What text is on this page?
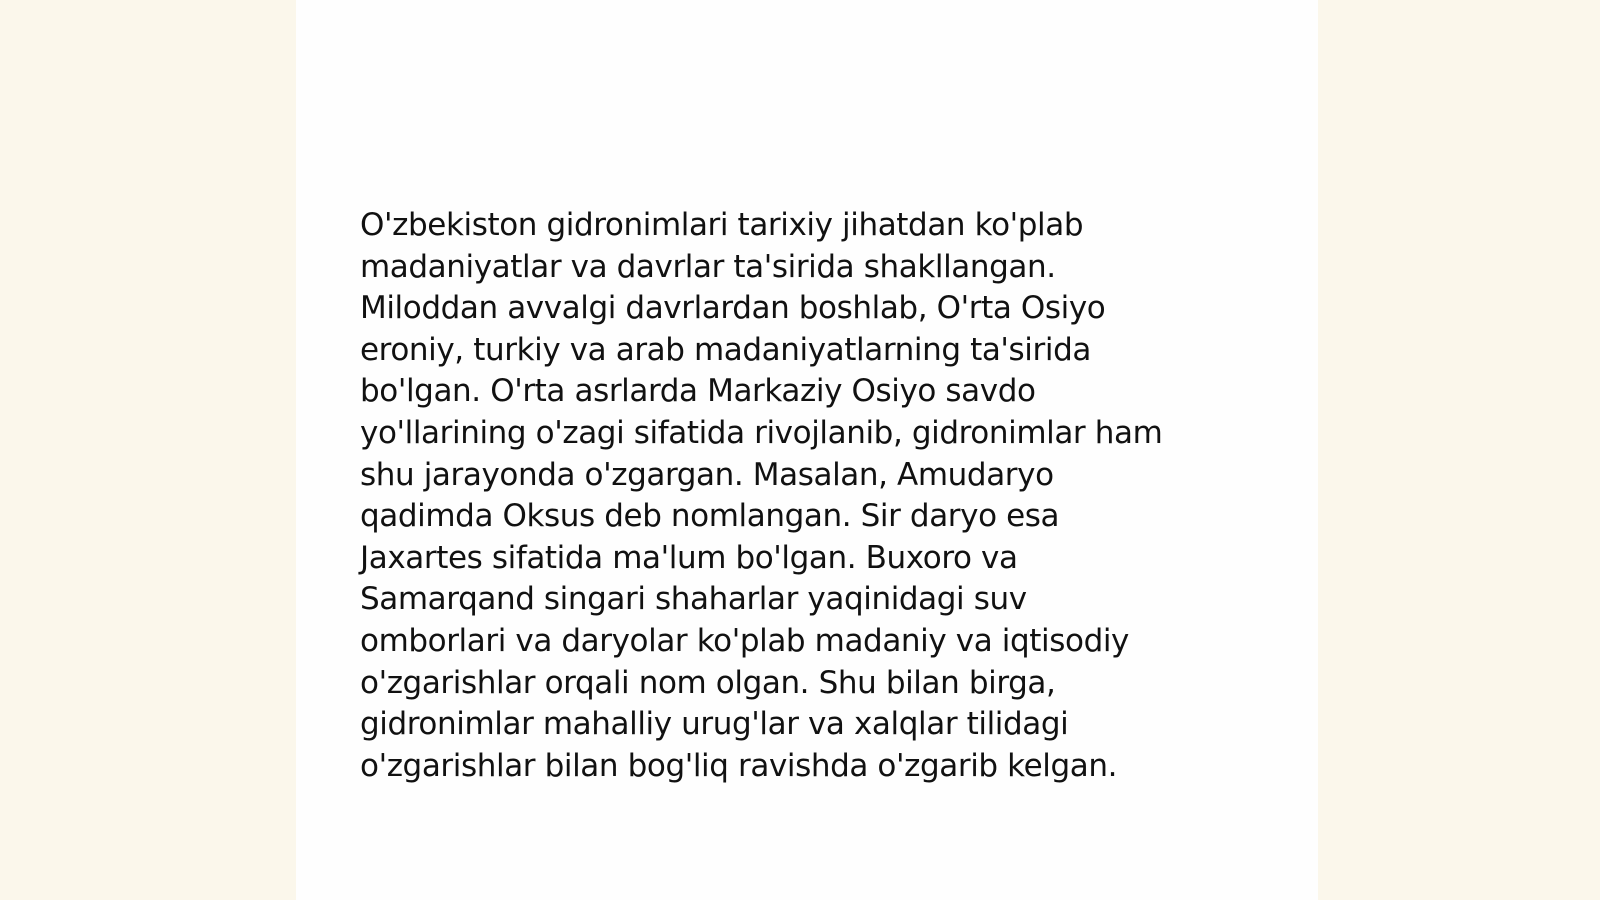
O'zbekiston gidronimlari tarixiy jihatdan ko'plab
madaniyatlar va davrlar ta'sirida shakllangan.
Miloddan avvalgi davrlardan boshlab, O'rta Osiyo
eroniy, turkiy va arab madaniyatlarning ta'sirida
bo'lgan. O'rta asrlarda Markaziy Osiyo savdo
yo'llarining o'zagi sifatida rivojlanib, gidronimlar ham
shu jarayonda o'zgargan. Masalan, Amudaryo
qadimda Oksus deb nomlangan. Sir daryo esa
Jaxartes sifatida ma'lum bo'lgan. Buxoro va
Samarqand singari shaharlar yaqinidagi suv
omborlari va daryolar ko'plab madaniy va iqtisodiy
o'zgarishlar orqali nom olgan. Shu bilan birga,
gidronimlar mahalliy urug'lar va xalqlar tilidagi
o'zgarishlar bilan bog'liq ravishda o'zgarib kelgan.
